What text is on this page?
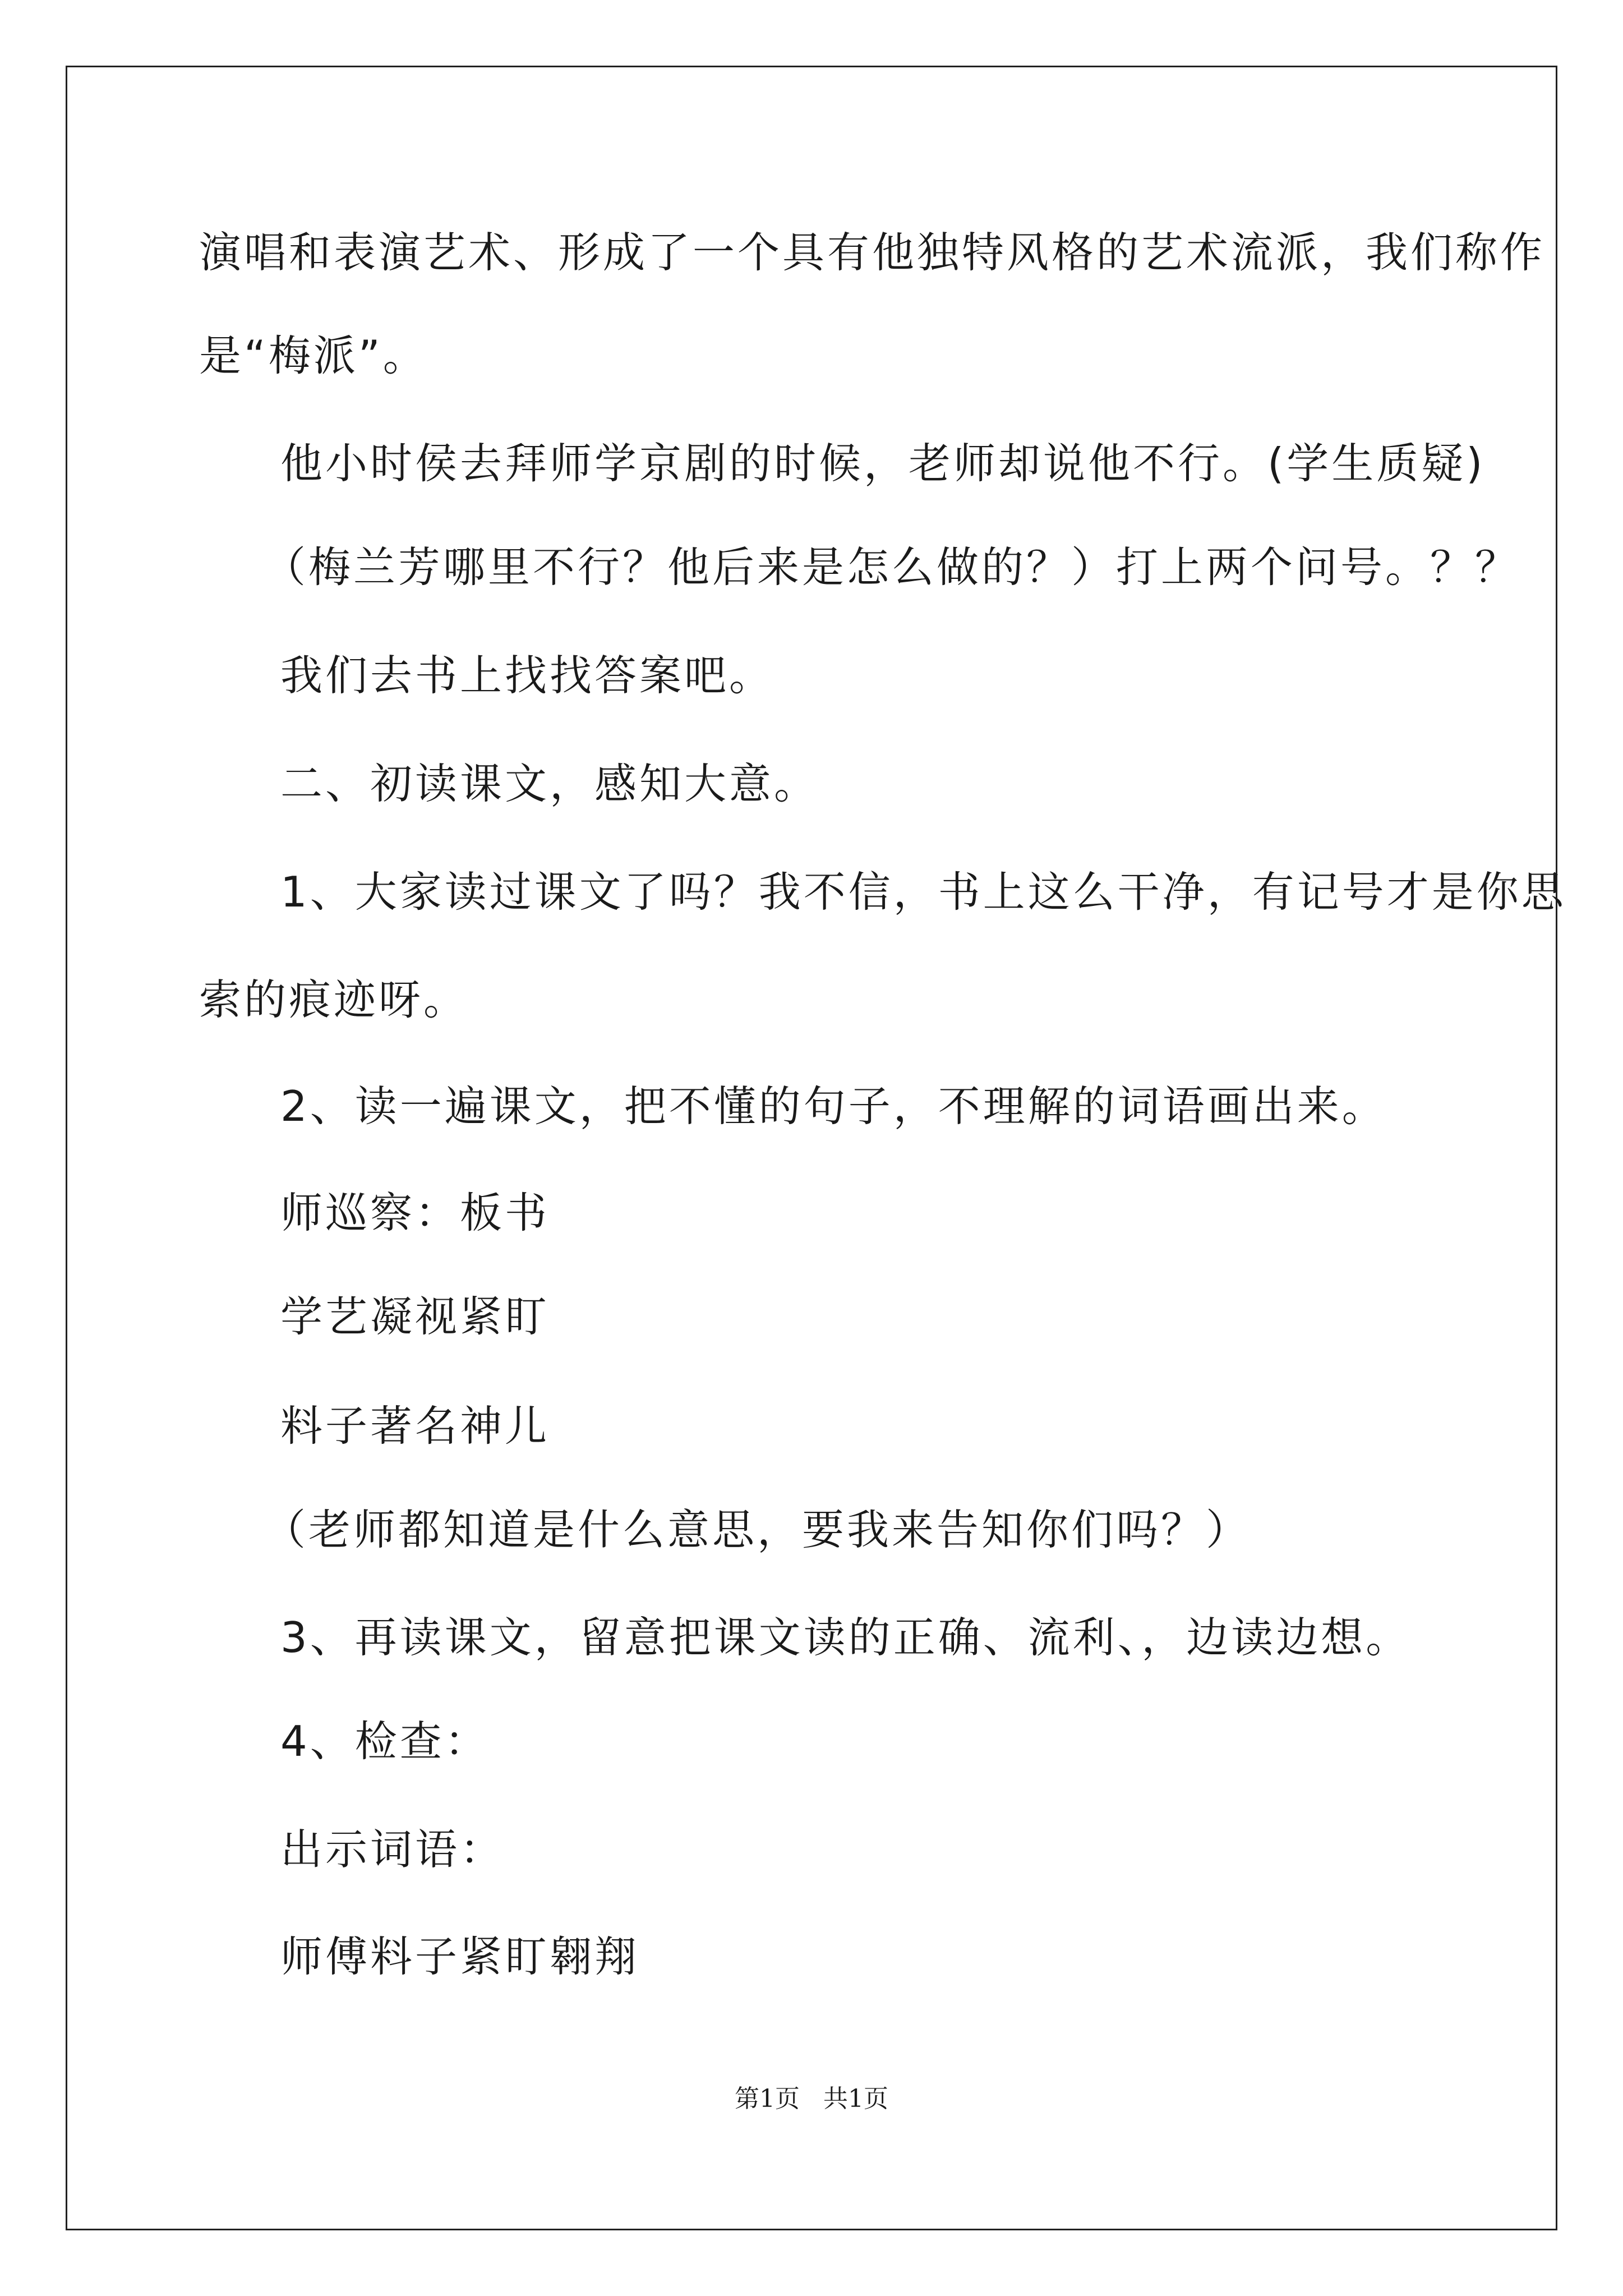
演唱和表演艺术、形成了一个具有他独特风格的艺术流派，我们称作
是“梅派”。
他小时侯去拜师学京剧的时候，老师却说他不行。(学生质疑)
（梅兰芳哪里不行？他后来是怎么做的？）打上两个问号。？？
我们去书上找找答案吧。
二、初读课文，感知大意。
1、大家读过课文了吗？我不信，书上这么干净，有记号才是你思
索的痕迹呀。
2、读一遍课文，把不懂的句子，不理解的词语画出来。
师巡察：板书
学艺凝视紧盯
料子著名神儿
（老师都知道是什么意思，要我来告知你们吗？）
3、再读课文，留意把课文读的正确、流利、，边读边想。
4、检查：
出示词语：
师傅料子紧盯翱翔
第1页   共1页
